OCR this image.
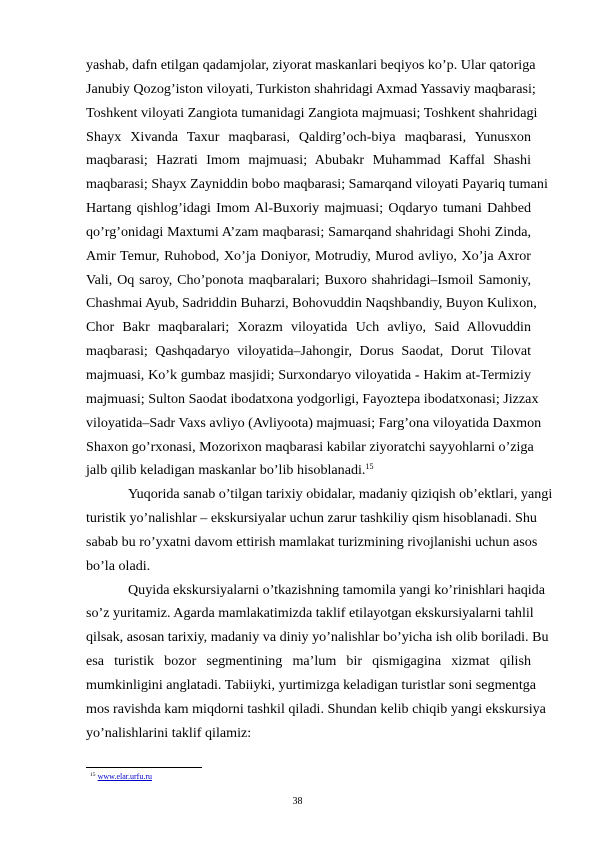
yashab, dafn etilgan qadamjolar, ziyorat maskanlari beqiyos ko’p. Ular qatoriga
Janubiy Qozog’iston viloyati, Turkiston shahridagi Axmad Yassaviy maqbarasi;
Toshkent viloyati Zangiota tumanidagi Zangiota majmuasi; Toshkent shahridagi
Shayx Xivanda Taxur maqbarasi, Qaldirg’och-biya maqbarasi, Yunusxon
maqbarasi; Hazrati Imom majmuasi; Abubakr Muhammad Kaffal Shashi
maqbarasi; Shayx Zayniddin bobo maqbarasi; Samarqand viloyati Payariq tumani
Hartang qishlog’idagi Imom Al-Buxoriy majmuasi; Oqdaryo tumani Dahbed
qo’rg’onidagi Maxtumi A’zam maqbarasi; Samarqand shahridagi Shohi Zinda,
Amir Temur, Ruhobod, Xo’ja Doniyor, Motrudiy, Murod avliyo, Xo’ja Axror
Vali, Oq saroy, Cho’ponota maqbaralari; Buxoro shahridagi–Ismoil Samoniy,
Chashmai Ayub, Sadriddin Buharzi, Bohovuddin Naqshbandiy, Buyon Kulixon,
Chor Bakr maqbaralari; Xorazm viloyatida Uch avliyo, Said Allovuddin
maqbarasi; Qashqadaryo viloyatida–Jahongir, Dorus Saodat, Dorut Tilovat
majmuasi, Ko’k gumbaz masjidi; Surxondaryo viloyatida - Hakim at-Termiziy
majmuasi; Sulton Saodat ibodatxona yodgorligi, Fayoztepa ibodatxonasi; Jizzax
viloyatida–Sadr Vaxs avliyo (Avliyoota) majmuasi; Farg’ona viloyatida Daxmon
Shaxon go’rxonasi, Mozorixon maqbarasi kabilar ziyoratchi sayyohlarni o’ziga
jalb qilib keladigan maskanlar bo’lib hisoblanadi.$^{15}$
Yuqorida sanab o’tilgan tarixiy obidalar, madaniy qiziqish ob’ektlari, yangi
turistik yo’nalishlar – ekskursiyalar uchun zarur tashkiliy qism hisoblanadi. Shu
sabab bu ro’yxatni davom ettirish mamlakat turizmining rivojlanishi uchun asos
bo’la oladi.
Quyida ekskursiyalarni o’tkazishning tamomila yangi ko’rinishlari haqida
so’z yuritamiz. Agarda mamlakatimizda taklif etilayotgan ekskursiyalarni tahlil
qilsak, asosan tarixiy, madaniy va diniy yo’nalishlar bo’yicha ish olib boriladi. Bu
esa turistik bozor segmentining ma’lum bir qismigagina xizmat qilish
mumkinligini anglatadi. Tabiiyki, yurtimizga keladigan turistlar soni segmentga
mos ravishda kam miqdorni tashkil qiladi. Shundan kelib chiqib yangi ekskursiya
yo’nalishlarini taklif qilamiz:
$^{15}$ www.elar.urfu.ru
38
